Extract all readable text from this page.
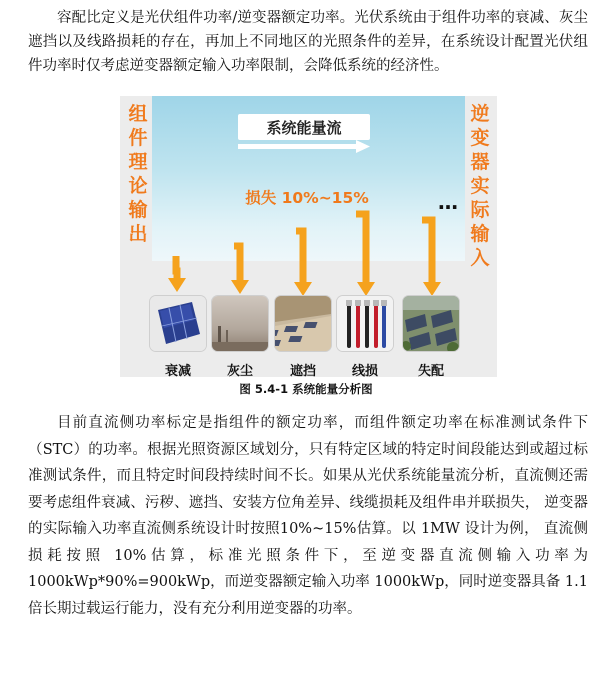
容配比定义是光伏组件功率/逆变器额定功率。光伏系统由于组件功率的衰减、灰尘遮挡以及线路损耗的存在，再加上不同地区的光照条件的差异，在系统设计配置光伏组件功率时仅考虑逆变器额定输入功率限制，会降低系统的经济性。

组件理论输出
逆变器实际输入
系统能量流
损失 10%~15%	…
衰减	灰尘	遮挡	线损	失配
图 5.4-1 系统能量分析图

目前直流侧功率标定是指组件的额定功率，而组件额定功率在标准测试条件下（STC）的功率。根据光照资源区域划分，只有特定区域的特定时间段能达到或超过标准测试条件，而且特定时间段持续时间不长。如果从光伏系统能量流分析，直流侧还需要考虑组件衰减、污秽、遮挡、安装方位角差异、线缆损耗及组件串并联损失， 逆变器的实际输入功率直流侧系统设计时按照10%~15%估算。以 1MW 设计为例， 直流侧损耗按照 10%估算，标准光照条件下，至逆变器直流侧输入功率为 1000kWp*90%=900kWp，而逆变器额定输入功率 1000kWp，同时逆变器具备 1.1 倍长期过载运行能力，没有充分利用逆变器的功率。
